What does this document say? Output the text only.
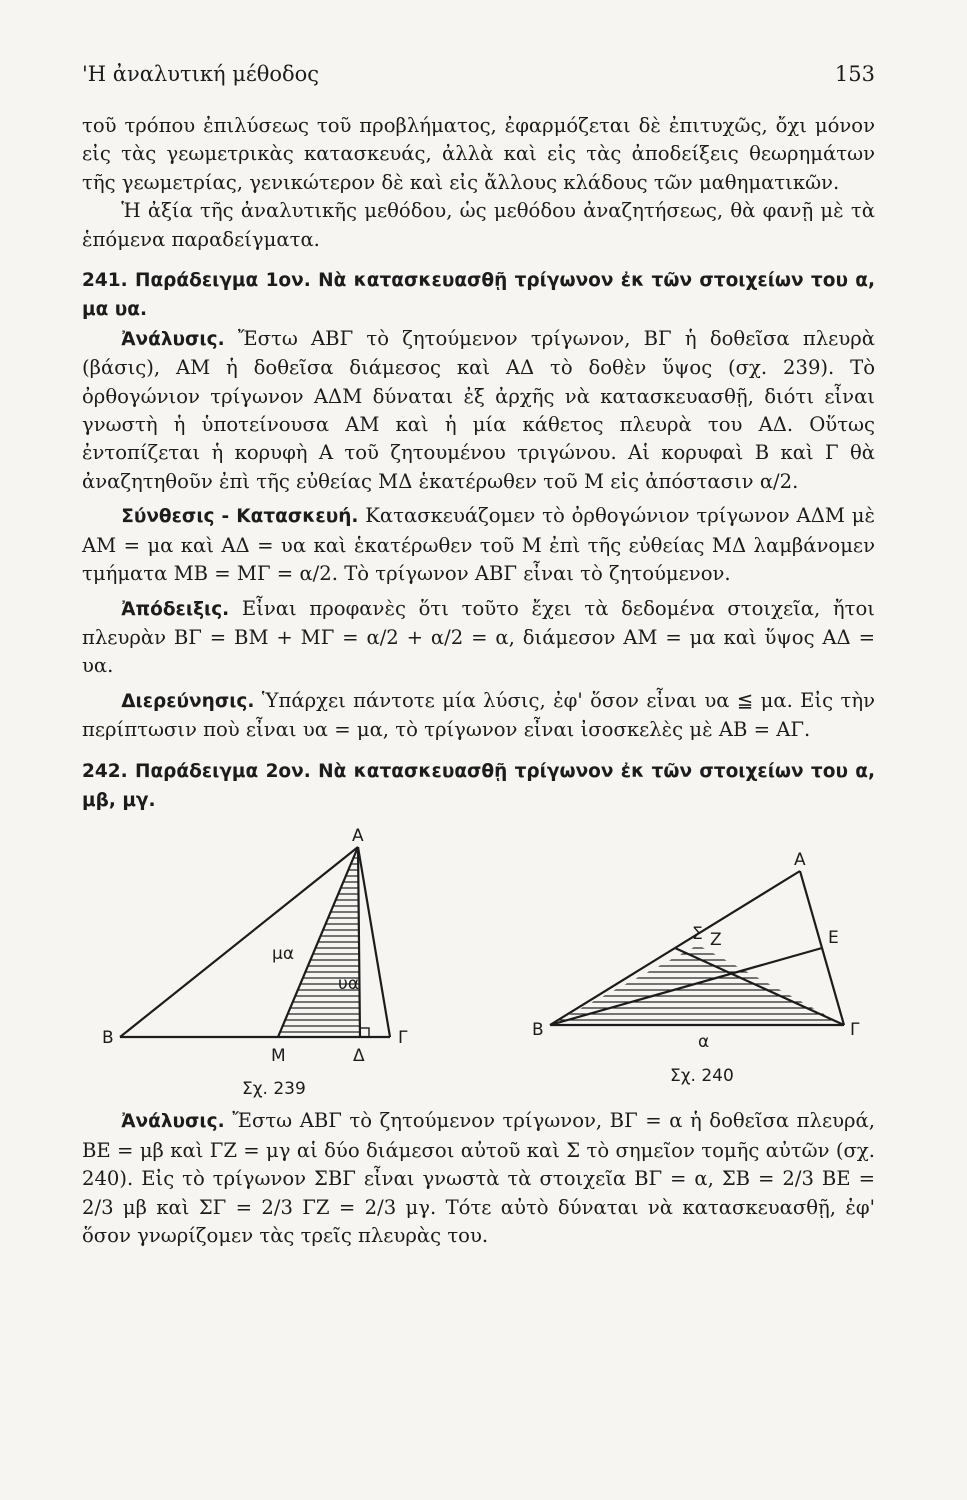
'Η ἀναλυτική μέθοδος	153

τοῦ τρόπου ἐπιλύσεως τοῦ προβλήματος, ἐφαρμόζεται δὲ ἐπιτυχῶς, ὄχι μόνον εἰς τὰς γεωμετρικὰς κατασκευάς, ἀλλὰ καὶ εἰς τὰς ἀποδείξεις θεωρημάτων τῆς γεωμετρίας, γενικώτερον δὲ καὶ εἰς ἄλλους κλάδους τῶν μαθηματικῶν.

Ἡ ἀξία τῆς ἀναλυτικῆς μεθόδου, ὡς μεθόδου ἀναζητήσεως, θὰ φανῇ μὲ τὰ ἑπόμενα παραδείγματα.

241. Παράδειγμα 1ον. Νὰ κατασκευασθῇ τρίγωνον ἐκ τῶν στοιχείων του α, μα υα.

Ἀνάλυσις. Ἔστω ΑΒΓ τὸ ζητούμενον τρίγωνον, ΒΓ ἡ δοθεῖσα πλευρὰ (βάσις), ΑΜ ἡ δοθεῖσα διάμεσος καὶ ΑΔ τὸ δοθὲν ὕψος (σχ. 239). Τὸ ὀρθογώνιον τρίγωνον ΑΔΜ δύναται ἐξ ἀρχῆς νὰ κατασκευασθῇ, διότι εἶναι γνωστὴ ἡ ὑποτείνουσα ΑΜ καὶ ἡ μία κάθετος πλευρὰ του ΑΔ. Οὕτως ἐντοπίζεται ἡ κορυφὴ Α τοῦ ζητουμένου τριγώνου. Αἱ κορυφαὶ Β καὶ Γ θὰ ἀναζητηθοῦν ἐπὶ τῆς εὐθείας ΜΔ ἑκατέρωθεν τοῦ Μ εἰς ἀπόστασιν α/2.

Σύνθεσις - Κατασκευή. Κατασκευάζομεν τὸ ὀρθογώνιον τρίγωνον ΑΔΜ μὲ ΑΜ = μα καὶ ΑΔ = υα καὶ ἑκατέρωθεν τοῦ Μ ἐπὶ τῆς εὐθείας ΜΔ λαμβάνομεν τμήματα ΜΒ = ΜΓ = α/2. Τὸ τρίγωνον ΑΒΓ εἶναι τὸ ζητούμενον.

Ἀπόδειξις. Εἶναι προφανὲς ὅτι τοῦτο ἔχει τὰ δεδομένα στοιχεῖα, ἤτοι πλευρὰν ΒΓ = ΒΜ + ΜΓ = α/2 + α/2 = α, διάμεσον ΑΜ = μα καὶ ὕψος ΑΔ = υα.

Διερεύνησις. Ὑπάρχει πάντοτε μία λύσις, ἐφ' ὅσον εἶναι υα ≦ μα. Εἰς τὴν περίπτωσιν ποὺ εἶναι υα = μα, τὸ τρίγωνον εἶναι ἰσοσκελὲς μὲ ΑΒ = ΑΓ.

242. Παράδειγμα 2ον. Νὰ κατασκευασθῇ τρίγωνον ἐκ τῶν στοιχείων του α, μβ, μγ.

Α
Β
Μ	Δ
Γ
μα
υα
Σχ. 239
Α
Β	Γ
Ζ	Ε
Σ
α
Σχ. 240

Ἀνάλυσις. Ἔστω ΑΒΓ τὸ ζητούμενον τρίγωνον, ΒΓ = α ἡ δοθεῖσα πλευρά, ΒΕ = μβ καὶ ΓΖ = μγ αἱ δύο διάμεσοι αὐτοῦ καὶ Σ τὸ σημεῖον τομῆς αὐτῶν (σχ. 240). Εἰς τὸ τρίγωνον ΣΒΓ εἶναι γνωστὰ τὰ στοιχεῖα ΒΓ = α, ΣΒ = 2/3 ΒΕ = 2/3 μβ καὶ ΣΓ = 2/3 ΓΖ = 2/3 μγ. Τότε αὐτὸ δύναται νὰ κατασκευασθῇ, ἐφ' ὅσον γνωρίζομεν τὰς τρεῖς πλευρὰς του.
